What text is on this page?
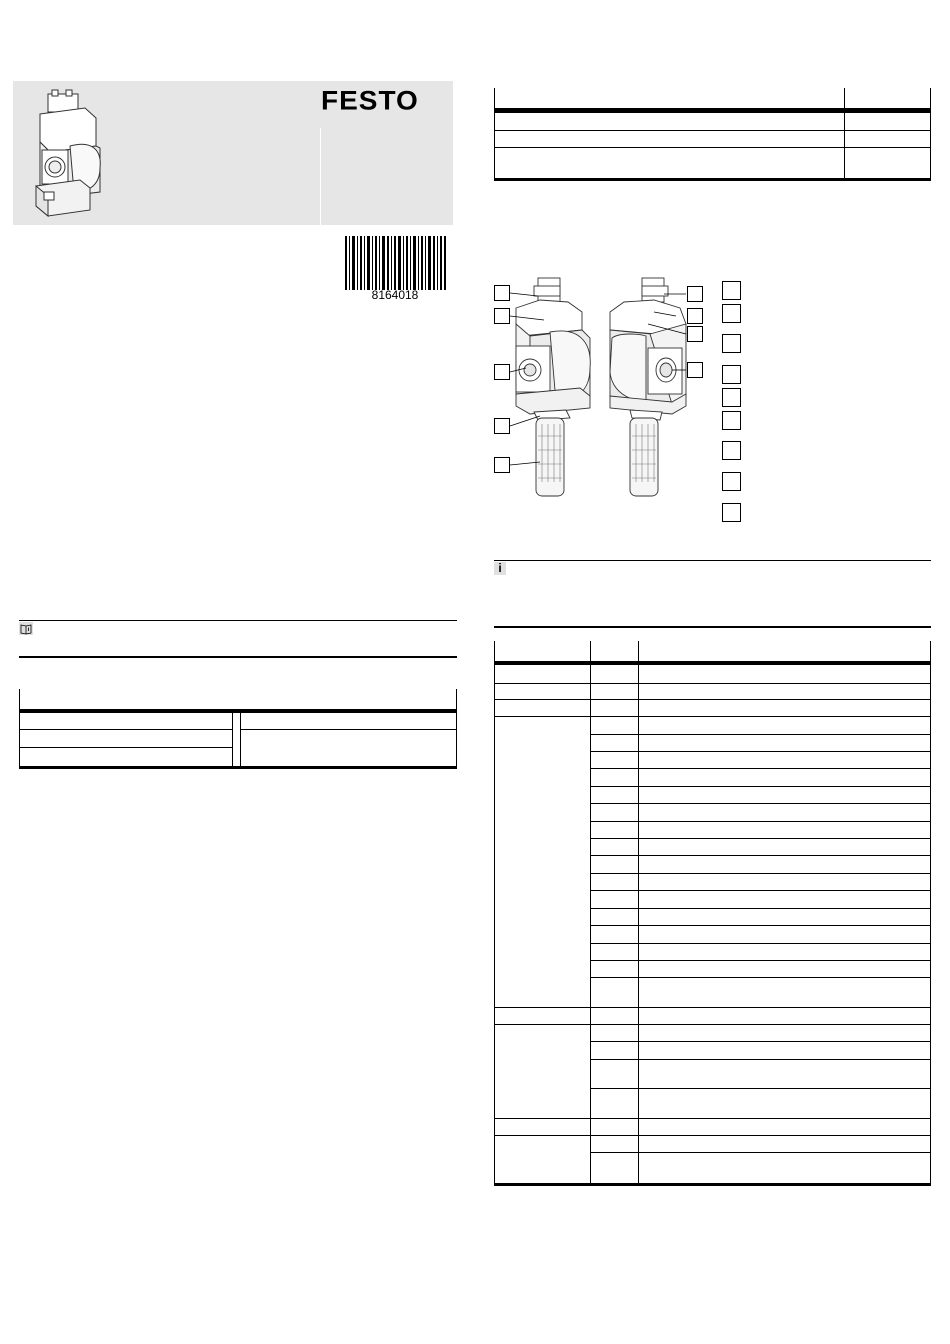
FESTO
8164018
i
